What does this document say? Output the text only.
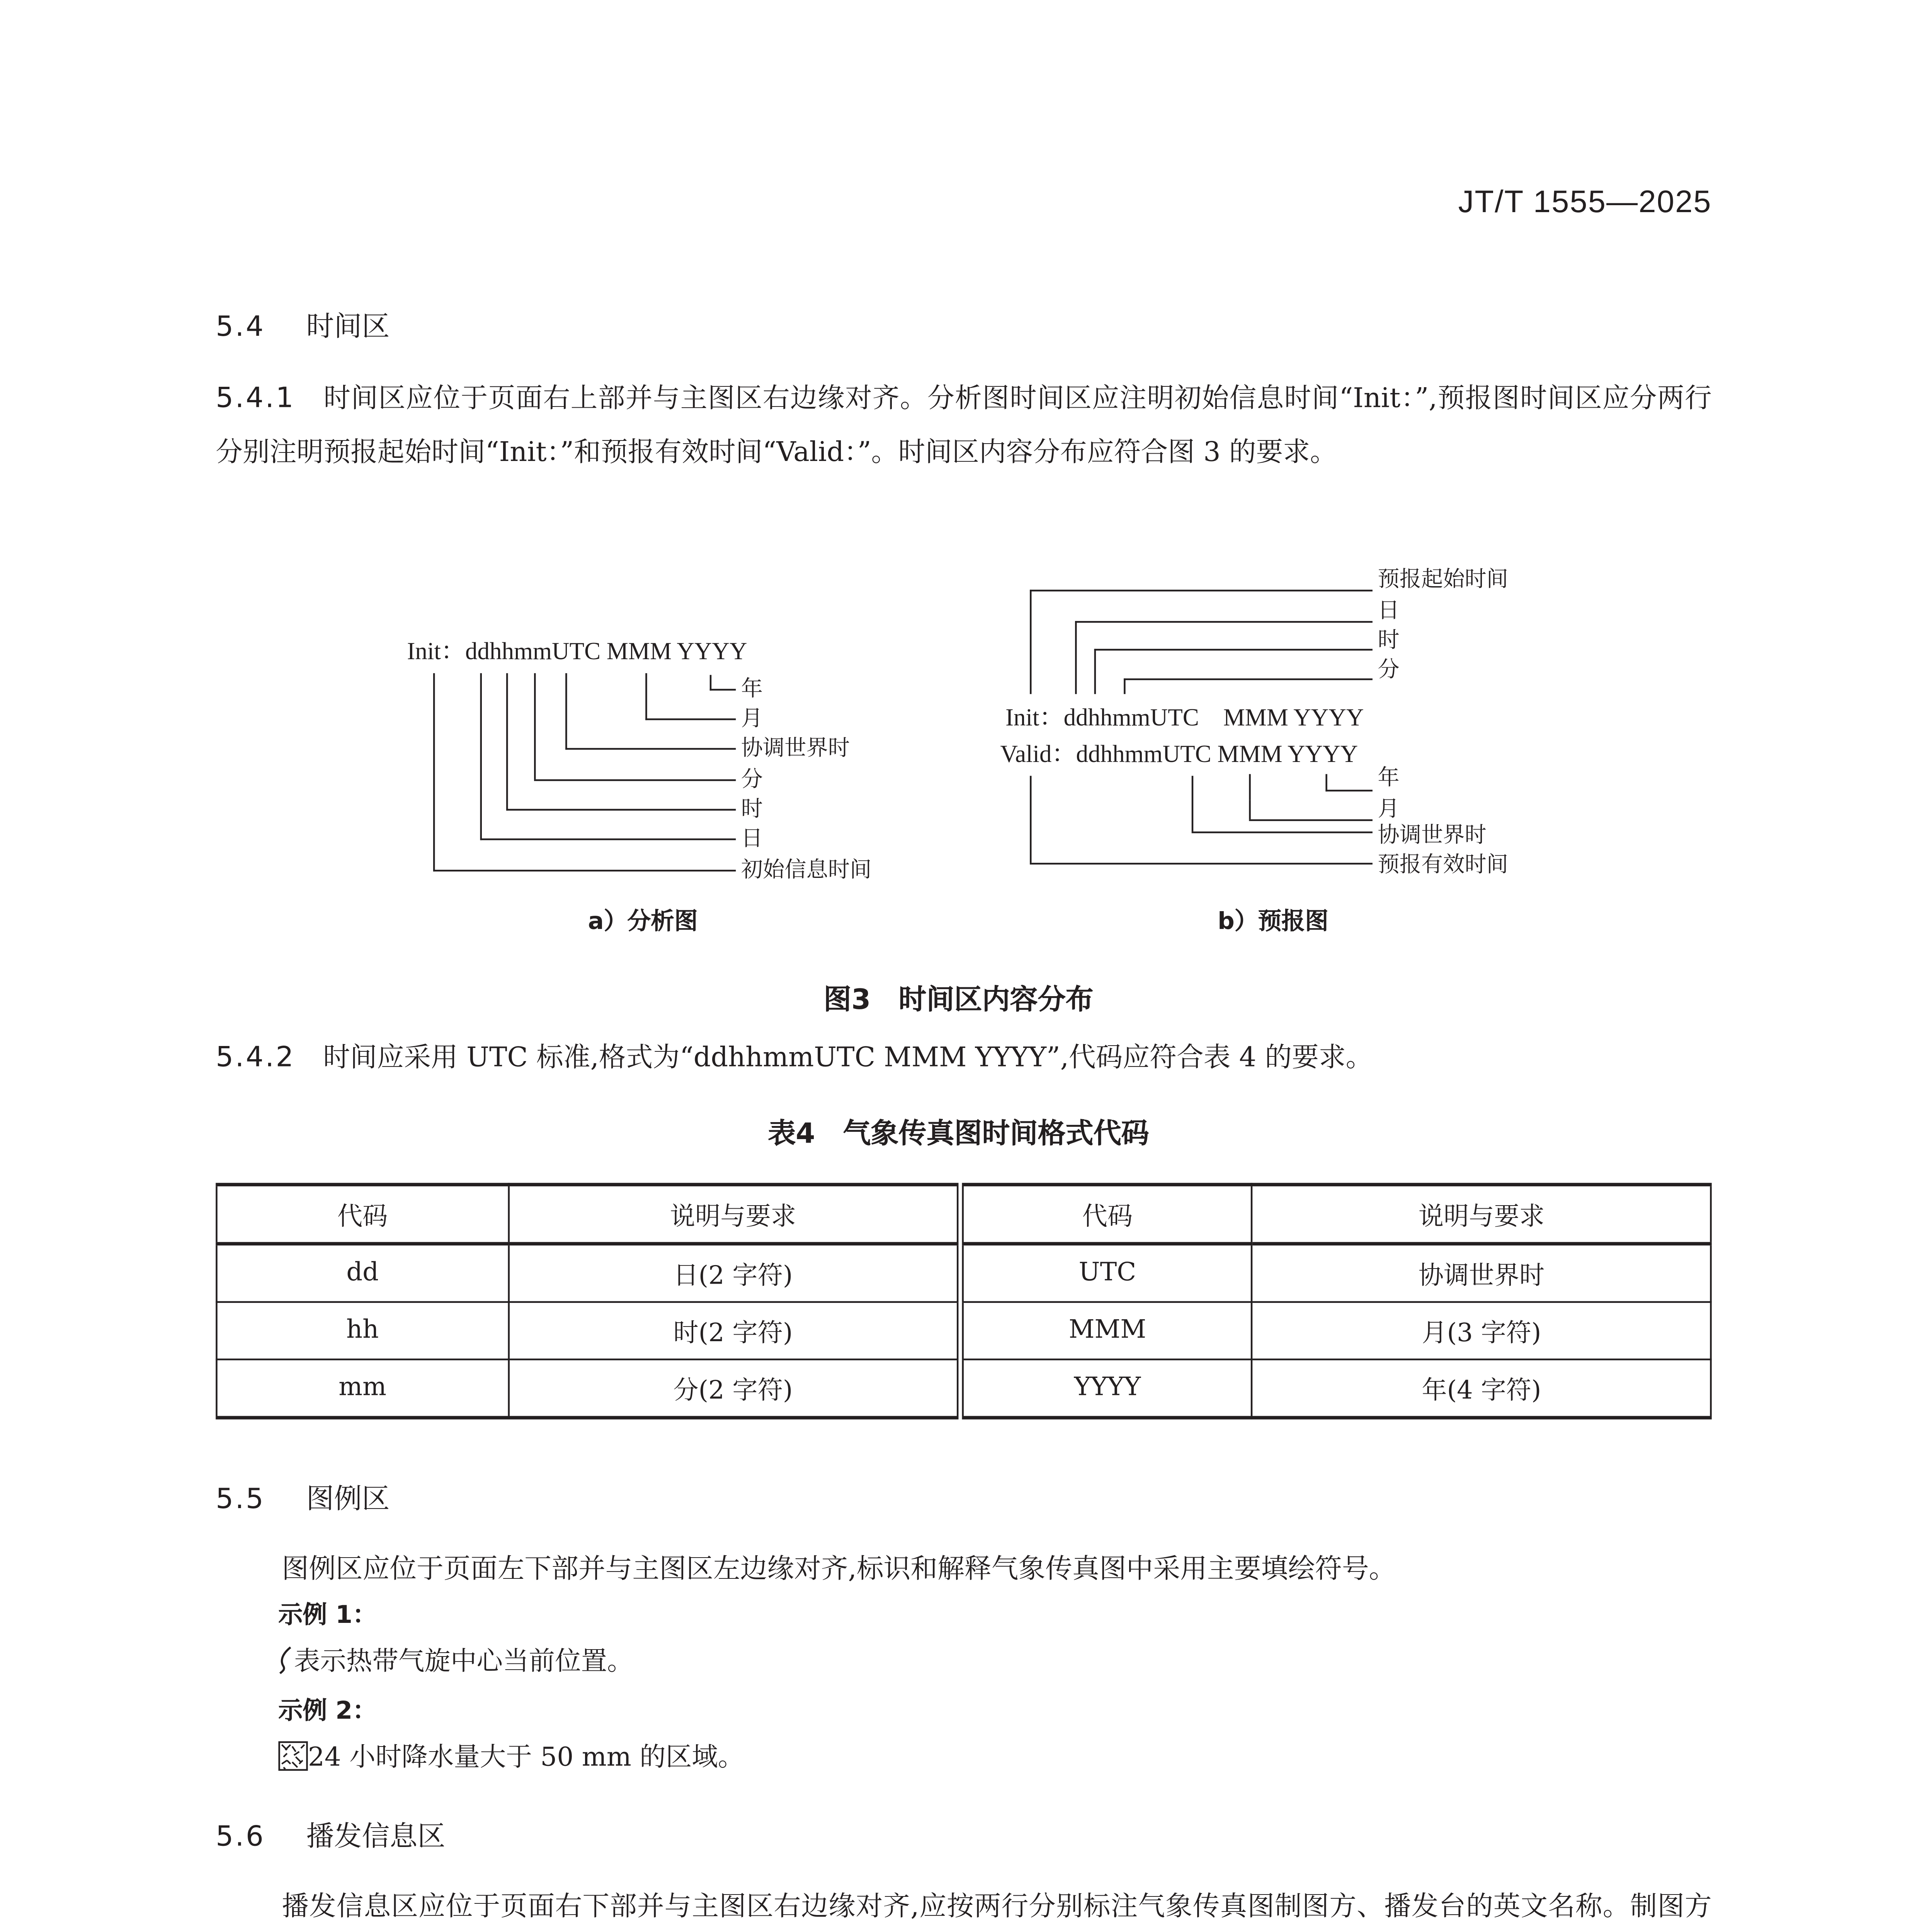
JT/T 1555—2025
5.4	时间区
5.4.1	时间区应位于页面右上部并与主图区右边缘对齐。分析图时间区应注明初始信息时间“Init：”,预报图时间区应分两行分别注明预报起始时间“Init：”和预报有效时间“Valid：”。时间区内容分布应符合图 3 的要求。
Init：ddhhmmUTC MMM YYYY
年
月
协调世界时
分
时
日
初始信息时间
a）分析图
预报起始时间
日
时
分
Init：ddhhmmUTC　MMM YYYY
Valid：ddhhmmUTC MMM YYYY
年
月
协调世界时
预报有效时间
b）预报图
图3　时间区内容分布
5.4.2	时间应采用 UTC 标准,格式为“ddhhmmUTC MMM YYYY”,代码应符合表 4 的要求。
表4　气象传真图时间格式代码
代码	说明与要求	代码	说明与要求
dd	日(2 字符)	UTC	协调世界时
hh	时(2 字符)	MMM	月(3 字符)
mm	分(2 字符)	YYYY	年(4 字符)
5.5	图例区
图例区应位于页面左下部并与主图区左边缘对齐,标识和解释气象传真图中采用主要填绘符号。
示例 1：
表示热带气旋中心当前位置。
示例 2：
24 小时降水量大于 50 mm 的区域。
5.6	播发信息区
播发信息区应位于页面右下部并与主图区右边缘对齐,应按两行分别标注气象传真图制图方、播发台的英文名称。制图方
